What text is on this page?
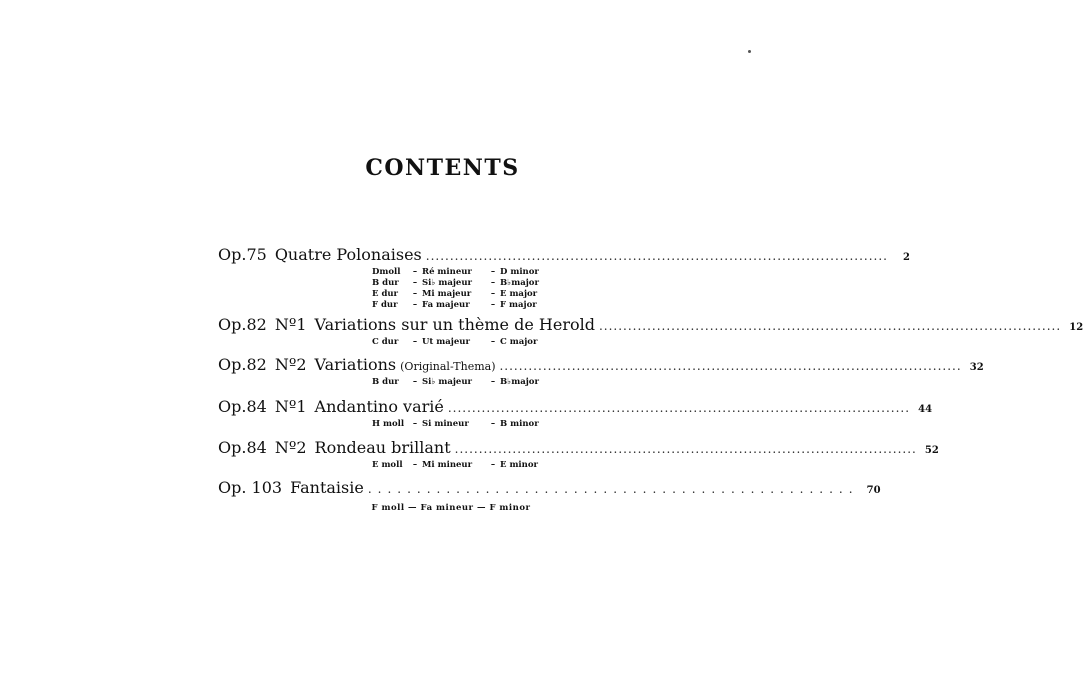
CONTENTS
Op.75 Quatre Polonaises ................................................................................................	2
Dmoll – Ré mineur – D minor
B dur – Si♭ majeur – B♭major
E dur – Mi majeur – E major
F dur – Fa majeur – F major
Op.82 Nº1 Variations sur un thème de Herold ................................................................................................ 12
C dur – Ut majeur – C major
Op.82 Nº2 Variations (Original-Thema) ................................................................................................ 32
B dur – Si♭ majeur – B♭major
Op.84 Nº1 Andantino varié ................................................................................................ 44
H moll – Si mineur	– B minor
Op.84 Nº2 Rondeau brillant ................................................................................................ 52
E moll – Mi mineur – E minor
Op. 103 Fantaisie .................................................. 70
F moll — Fa mineur — F minor
